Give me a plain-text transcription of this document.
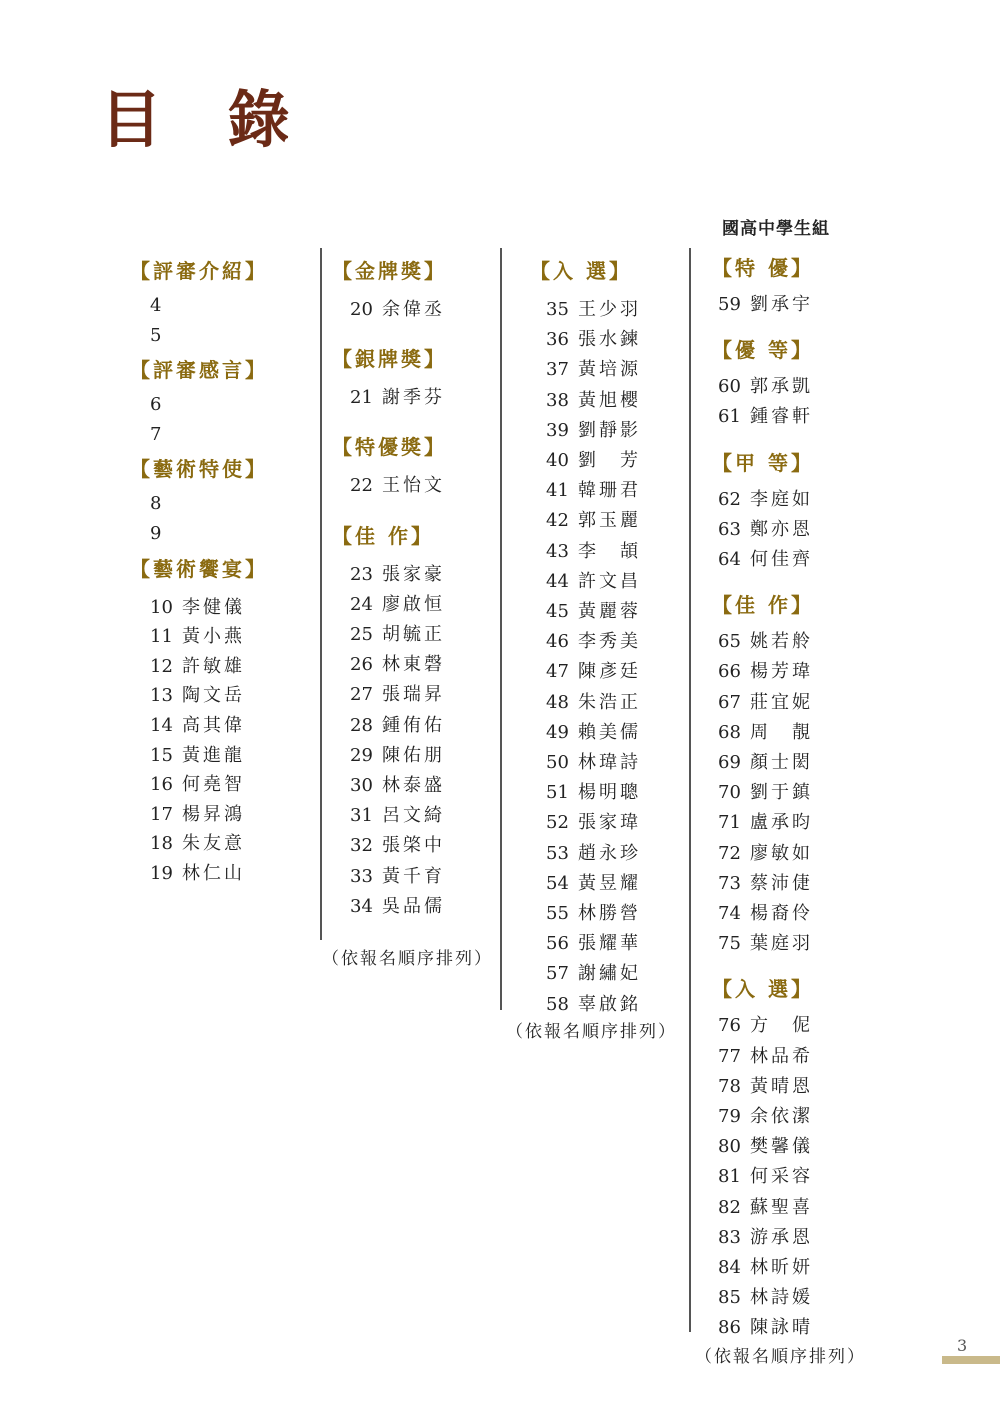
目 錄
國高中學生組
【評審介紹】
4
5
【評審感言】
6
7
【藝術特使】
8
9
【藝術饗宴】
10 李健儀
11 黃小燕
12 許敏雄
13 陶文岳
14 高其偉
15 黃進龍
16 何堯智
17 楊昇鴻
18 朱友意
19 林仁山
【金牌獎】
20 余偉丞
【銀牌獎】
21 謝季芬
【特優獎】
22 王怡文
【佳 作】
23 張家豪
24 廖啟恒
25 胡毓正
26 林東磬
27 張瑞昇
28 鍾侑佑
29 陳佑朋
30 林泰盛
31 呂文綺
32 張棨中
33 黃千育
34 吳品儒
【入 選】
35 王少羽
36 張水鍊
37 黃培源
38 黃旭櫻
39 劉靜影
40 劉　芳
41 韓珊君
42 郭玉麗
43 李　頡
44 許文昌
45 黃麗蓉
46 李秀美
47 陳彥廷
48 朱浩正
49 賴美儒
50 林瑋詩
51 楊明聰
52 張家瑋
53 趙永珍
54 黃昱耀
55 林勝營
56 張耀華
57 謝繡妃
58 辜啟銘
【特 優】
59 劉承宇
【優 等】
60 郭承凱
61 鍾睿軒
【甲 等】
62 李庭如
63 鄭亦恩
64 何佳齊
【佳 作】
65 姚若舲
66 楊芳瑋
67 莊宜妮
68 周　靚
69 顏士閎
70 劉于鎮
71 盧承昀
72 廖敏如
73 蔡沛倢
74 楊裔伶
75 葉庭羽
【入 選】
76 方　伲
77 林品希
78 黃晴恩
79 余依潔
80 樊馨儀
81 何采容
82 蘇聖喜
83 游承恩
84 林昕妍
85 林詩媛
86 陳詠晴
（依報名順序排列）
（依報名順序排列）
（依報名順序排列）
3
